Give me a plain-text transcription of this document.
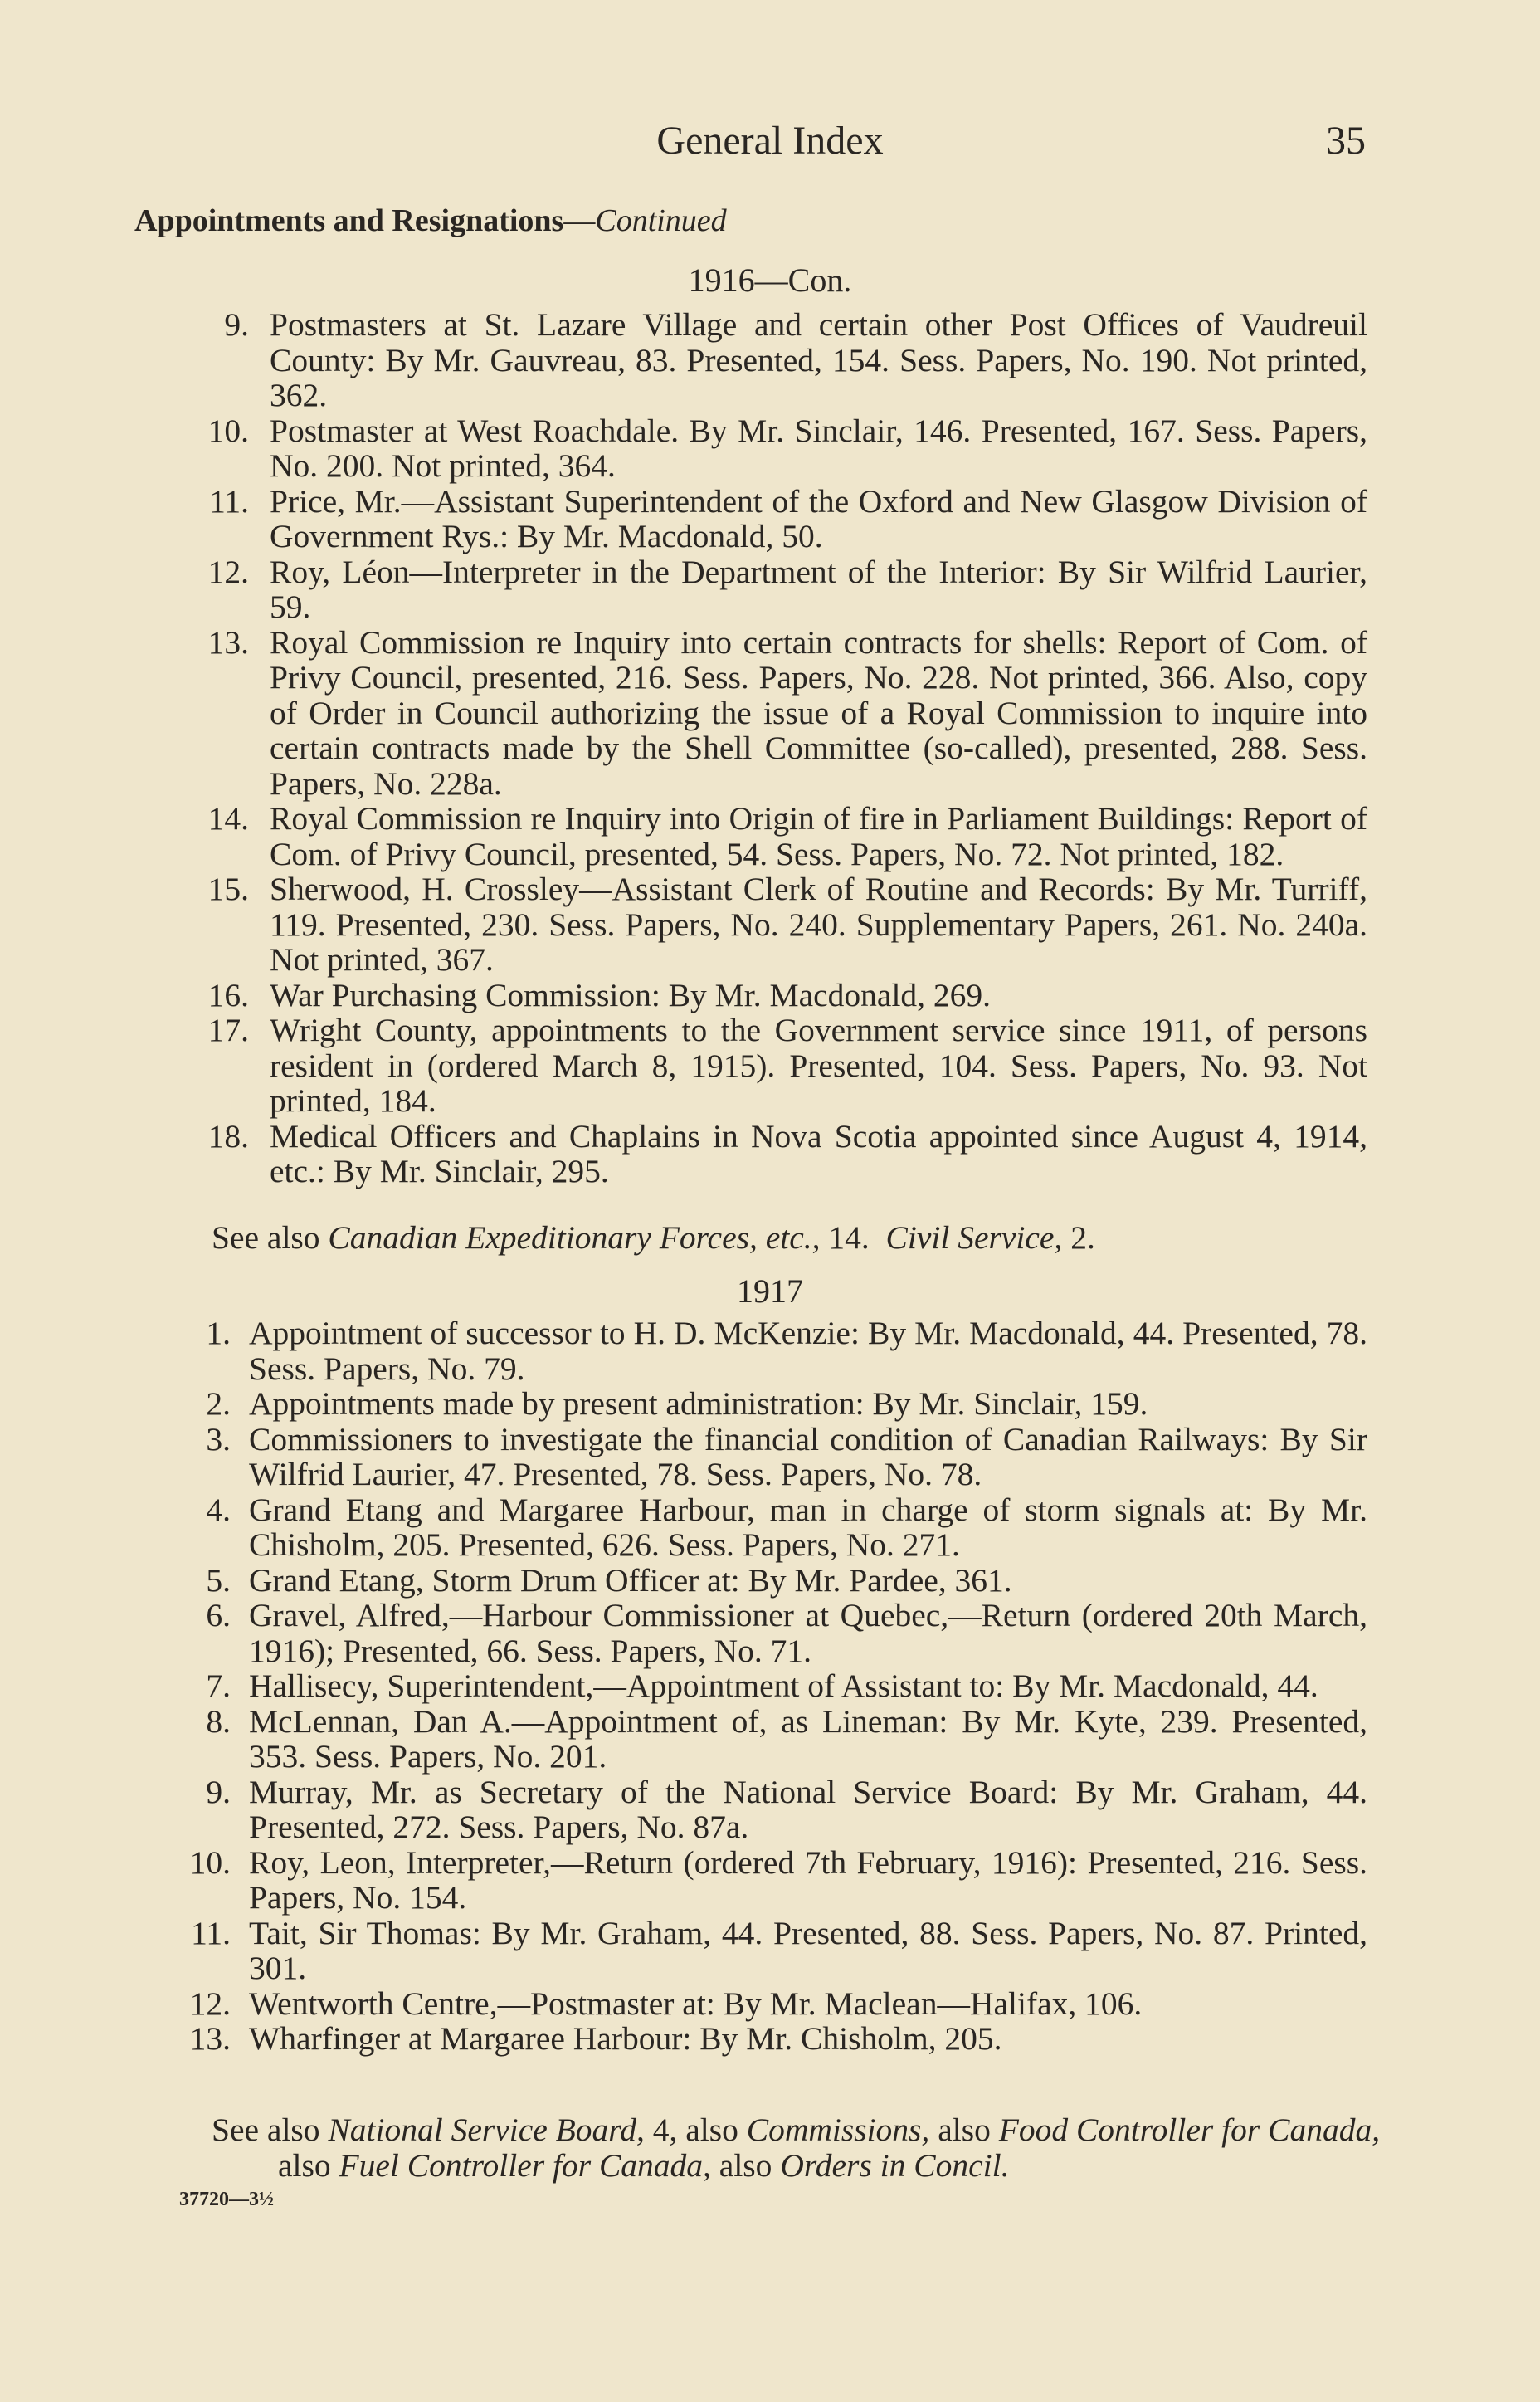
General Index	35
Appointments and Resignations—Continued
1916—Con.
9. Postmasters at St. Lazare Village and certain other Post Offices of Vaudreuil County: By Mr. Gauvreau, 83. Presented, 154. Sess. Papers, No. 190. Not printed, 362.
10. Postmaster at West Roachdale. By Mr. Sinclair, 146. Presented, 167. Sess. Papers, No. 200. Not printed, 364.
11. Price, Mr.—Assistant Superintendent of the Oxford and New Glasgow Division of Government Rys.: By Mr. Macdonald, 50.
12. Roy, Léon—Interpreter in the Department of the Interior: By Sir Wilfrid Laurier, 59.
13. Royal Commission re Inquiry into certain contracts for shells: Report of Com. of Privy Council, presented, 216. Sess. Papers, No. 228. Not printed, 366. Also, copy of Order in Council authorizing the issue of a Royal Commission to inquire into certain contracts made by the Shell Committee (so-called), presented, 288. Sess. Papers, No. 228a.
14. Royal Commission re Inquiry into Origin of fire in Parliament Buildings: Report of Com. of Privy Council, presented, 54. Sess. Papers, No. 72. Not printed, 182.
15. Sherwood, H. Crossley—Assistant Clerk of Routine and Records: By Mr. Turriff, 119. Presented, 230. Sess. Papers, No. 240. Supplementary Papers, 261. No. 240a. Not printed, 367.
16. War Purchasing Commission: By Mr. Macdonald, 269.
17. Wright County, appointments to the Government service since 1911, of persons resident in (ordered March 8, 1915). Presented, 104. Sess. Papers, No. 93. Not printed, 184.
18. Medical Officers and Chaplains in Nova Scotia appointed since August 4, 1914, etc.: By Mr. Sinclair, 295.
See also Canadian Expeditionary Forces, etc., 14. Civil Service, 2.
1917
1. Appointment of successor to H. D. McKenzie: By Mr. Macdonald, 44. Presented, 78. Sess. Papers, No. 79.
2. Appointments made by present administration: By Mr. Sinclair, 159.
3. Commissioners to investigate the financial condition of Canadian Railways: By Sir Wilfrid Laurier, 47. Presented, 78. Sess. Papers, No. 78.
4. Grand Etang and Margaree Harbour, man in charge of storm signals at: By Mr. Chisholm, 205. Presented, 626. Sess. Papers, No. 271.
5. Grand Etang, Storm Drum Officer at: By Mr. Pardee, 361.
6. Gravel, Alfred,—Harbour Commissioner at Quebec,—Return (ordered 20th March, 1916); Presented, 66. Sess. Papers, No. 71.
7. Hallisecy, Superintendent,—Appointment of Assistant to: By Mr. Macdonald, 44.
8. McLennan, Dan A.—Appointment of, as Lineman: By Mr. Kyte, 239. Presented, 353. Sess. Papers, No. 201.
9. Murray, Mr. as Secretary of the National Service Board: By Mr. Graham, 44. Presented, 272. Sess. Papers, No. 87a.
10. Roy, Leon, Interpreter,—Return (ordered 7th February, 1916): Presented, 216. Sess. Papers, No. 154.
11. Tait, Sir Thomas: By Mr. Graham, 44. Presented, 88. Sess. Papers, No. 87. Printed, 301.
12. Wentworth Centre,—Postmaster at: By Mr. Maclean—Halifax, 106.
13. Wharfinger at Margaree Harbour: By Mr. Chisholm, 205.
See also National Service Board, 4, also Commissions, also Food Controller for Canada, also Fuel Controller for Canada, also Orders in Concil.
37720—3½
